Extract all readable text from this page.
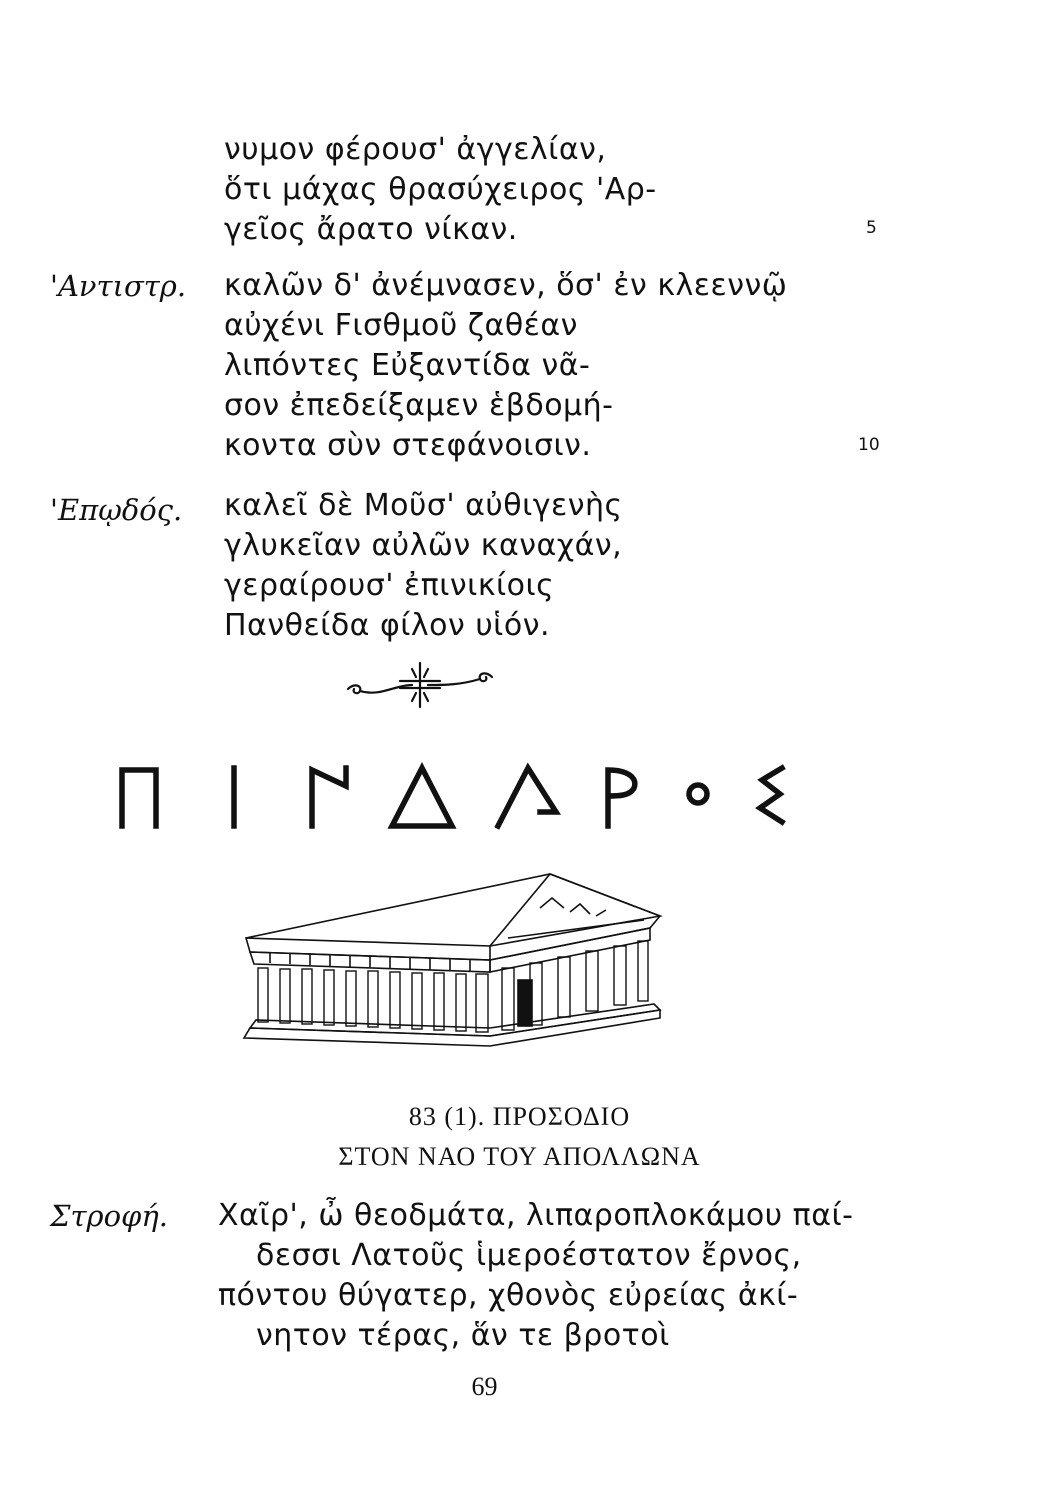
νυμον φέρουσ' ἀγγελίαν,
ὅτι μάχας θρασύχειρος 'Αρ-
γεῖος ἄρατο νίκαν.	5
'Αντιστρ. καλῶν δ' ἀνέμνασεν, ὅσ' ἐν κλεεννῷ
αὐχένι Fισθμοῦ ζαθέαν
λιπόντες Εὐξαντίδα νᾶ-
σον ἐπεδείξαμεν ἑβδομή-
κοντα σὺν στεφάνοισιν.	10
'Επῳδός. καλεῖ δὲ Μοῦσ' αὐθιγενὴς
γλυκεῖαν αὐλῶν καναχάν,
γεραίρουσ' ἐπινικίοις
Πανθείδα φίλον υἱόν.
83 (1). ΠΡΟΣΟΔΙΟ
ΣΤΟΝ ΝΑΟ ΤΟΥ ΑΠΟΛΛΩΝΑ
Στροφή. Χαῖρ', ὦ θεοδμάτα, λιπαροπλοκάμου παί-
δεσσι Λατοῦς ἱμεροέστατον ἔρνος,
πόντου θύγατερ, χθονὸς εὐρείας ἀκί-
νητον τέρας, ἅν τε βροτοὶ
69
